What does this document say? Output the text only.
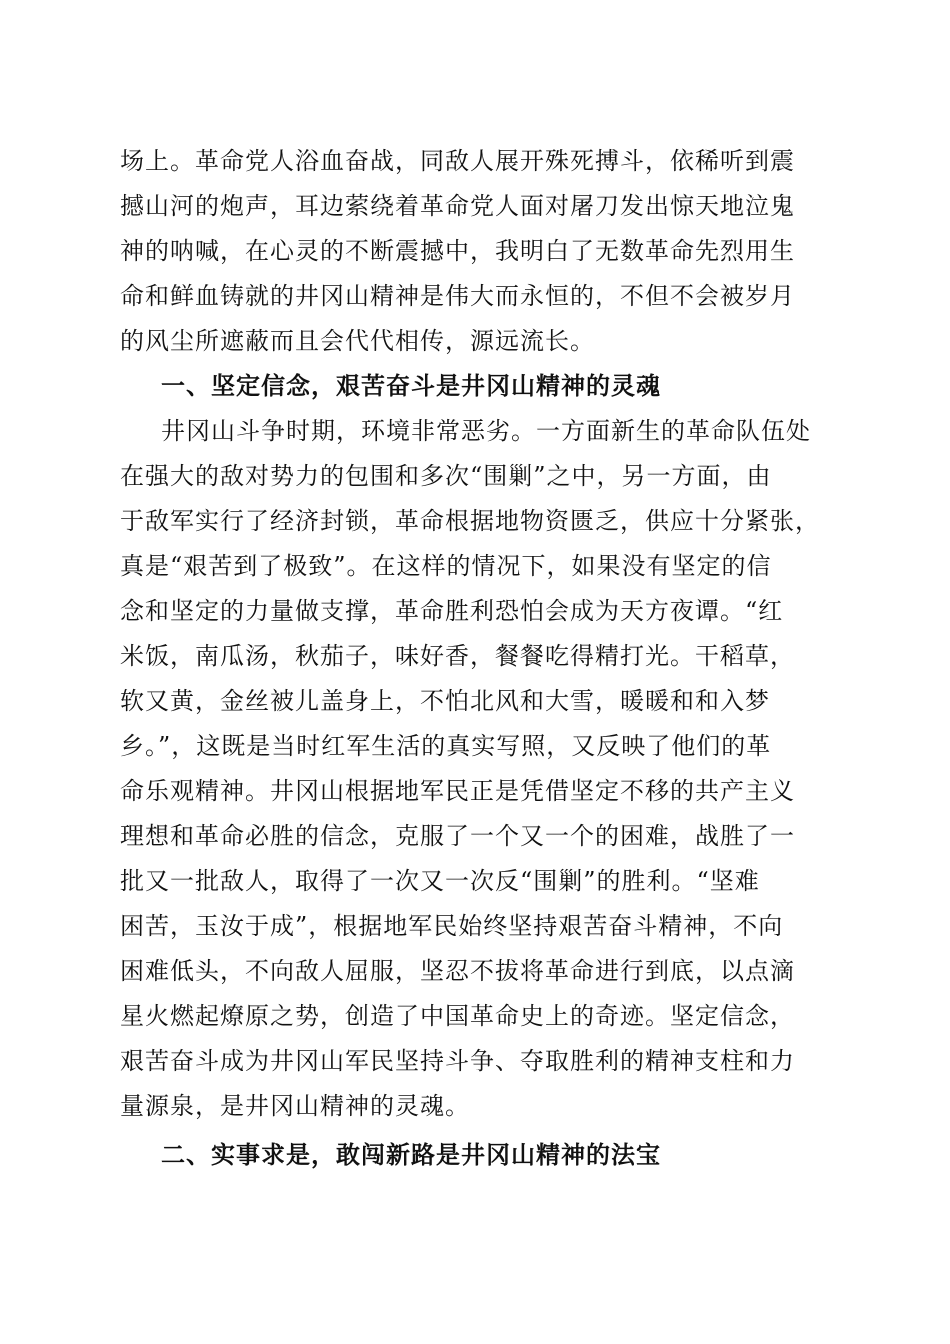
场上。革命党人浴血奋战，同敌人展开殊死搏斗，依稀听到震
撼山河的炮声，耳边萦绕着革命党人面对屠刀发出惊天地泣鬼
神的呐喊，在心灵的不断震撼中，我明白了无数革命先烈用生
命和鲜血铸就的井冈山精神是伟大而永恒的，不但不会被岁月
的风尘所遮蔽而且会代代相传，源远流长。
一、坚定信念，艰苦奋斗是井冈山精神的灵魂
井冈山斗争时期，环境非常恶劣。一方面新生的革命队伍处
在强大的敌对势力的包围和多次“围剿”之中，另一方面，由
于敌军实行了经济封锁，革命根据地物资匮乏，供应十分紧张，
真是“艰苦到了极致”。在这样的情况下，如果没有坚定的信
念和坚定的力量做支撑，革命胜利恐怕会成为天方夜谭。“红
米饭，南瓜汤，秋茄子，味好香，餐餐吃得精打光。干稻草，
软又黄，金丝被儿盖身上，不怕北风和大雪，暖暖和和入梦
乡。”，这既是当时红军生活的真实写照，又反映了他们的革
命乐观精神。井冈山根据地军民正是凭借坚定不移的共产主义
理想和革命必胜的信念，克服了一个又一个的困难，战胜了一
批又一批敌人，取得了一次又一次反“围剿”的胜利。“坚难
困苦，玉汝于成”，根据地军民始终坚持艰苦奋斗精神，不向
困难低头，不向敌人屈服，坚忍不拔将革命进行到底，以点滴
星火燃起燎原之势，创造了中国革命史上的奇迹。坚定信念，
艰苦奋斗成为井冈山军民坚持斗争、夺取胜利的精神支柱和力
量源泉，是井冈山精神的灵魂。
二、实事求是，敢闯新路是井冈山精神的法宝
